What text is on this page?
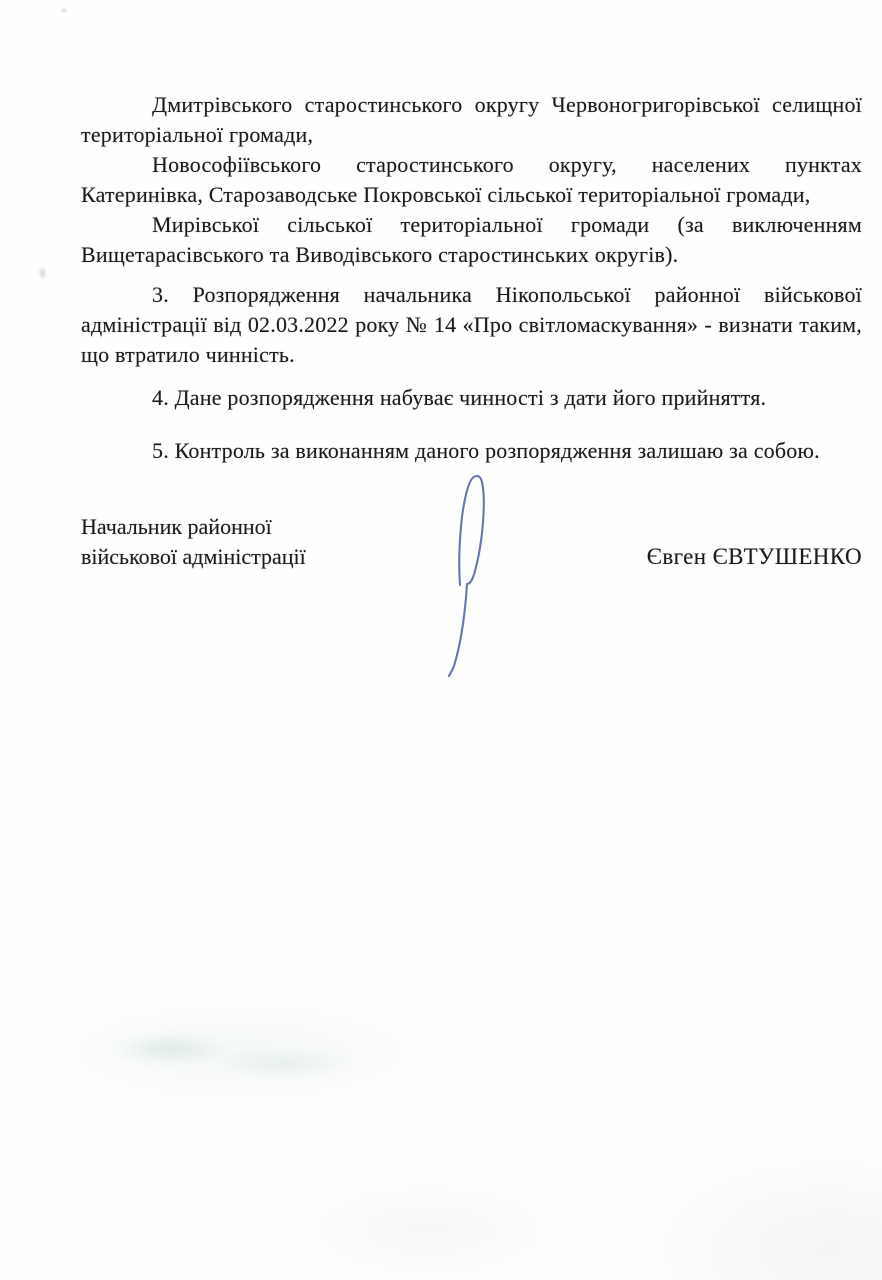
Дмитрівського старостинського округу Червоногригорівської селищної територіальної громади,

Новософіївського старостинського округу, населених пунктах Катеринівка, Старозаводське Покровської сільської територіальної громади,

Мирівської сільської територіальної громади (за виключенням Вищетарасівського та Виводівського старостинських округів).

3. Розпорядження начальника Нікопольської районної військової адміністрації від 02.03.2022 року № 14 «Про світломаскування» - визнати таким, що втратило чинність.

4. Дане розпорядження набуває чинності з дати його прийняття.

5. Контроль за виконанням даного розпорядження залишаю за собою.

Начальник районної
військової адміністрації	Євген ЄВТУШЕНКО
